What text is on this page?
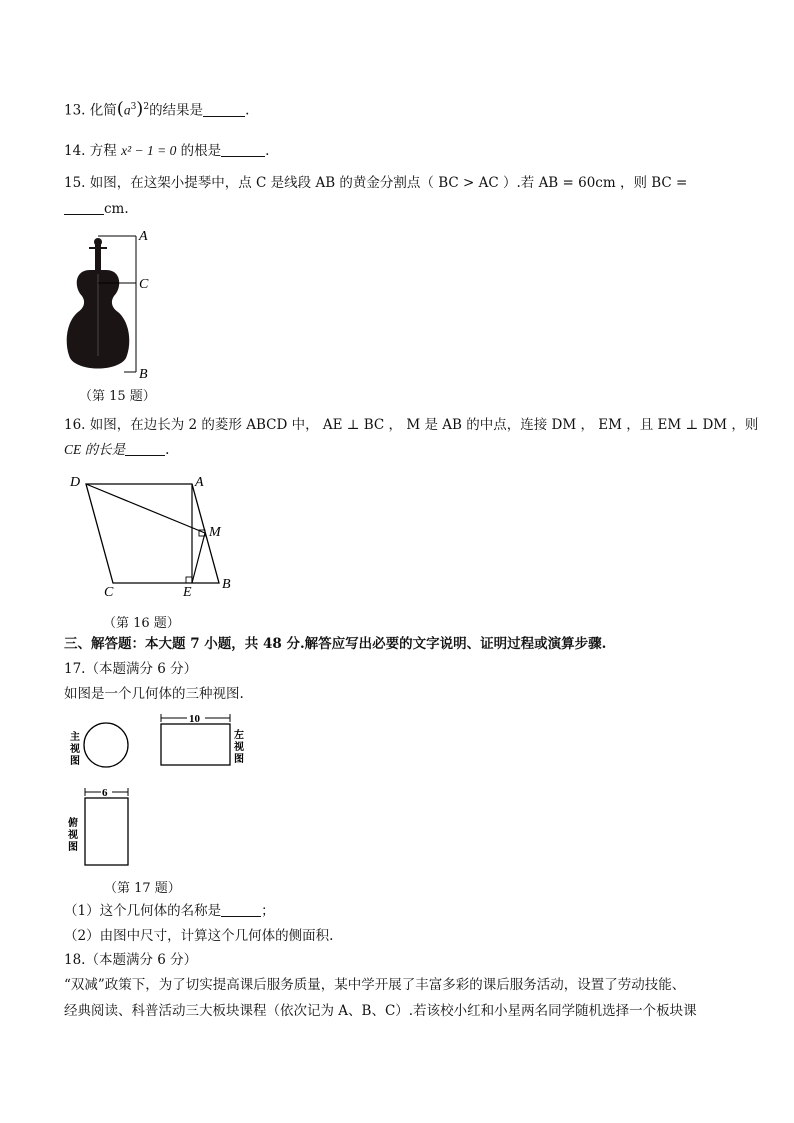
13. 化简$(a^3)^2$的结果是	.
14. 方程 x² − 1 = 0 的根是	.
15. 如图，在这架小提琴中，点 C 是线段 AB 的黄金分割点（ BC > AC ）.若 AB = 60cm ，则 BC =
cm.
A
C
B
（第 15 题）
16. 如图，在边长为 2 的菱形 ABCD 中， AE ⊥ BC ， M 是 AB 的中点，连接 DM ， EM ，且 EM ⊥ DM ，则
CE 的长是	.
D	A
M
C	E
B
（第 16 题）
三、解答题：本大题 7 小题，共 48 分.解答应写出必要的文字说明、证明过程或演算步骤.
17.（本题满分 6 分）
如图是一个几何体的三种视图.
主
视
图
10
左
视
图
6
俯
视
图
（第 17 题）
（1）这个几何体的名称是	；
（2）由图中尺寸，计算这个几何体的侧面积.
18.（本题满分 6 分）
“双减”政策下，为了切实提高课后服务质量，某中学开展了丰富多彩的课后服务活动，设置了劳动技能、
经典阅读、科普活动三大板块课程（依次记为 A、B、C）.若该校小红和小星两名同学随机选择一个板块课
